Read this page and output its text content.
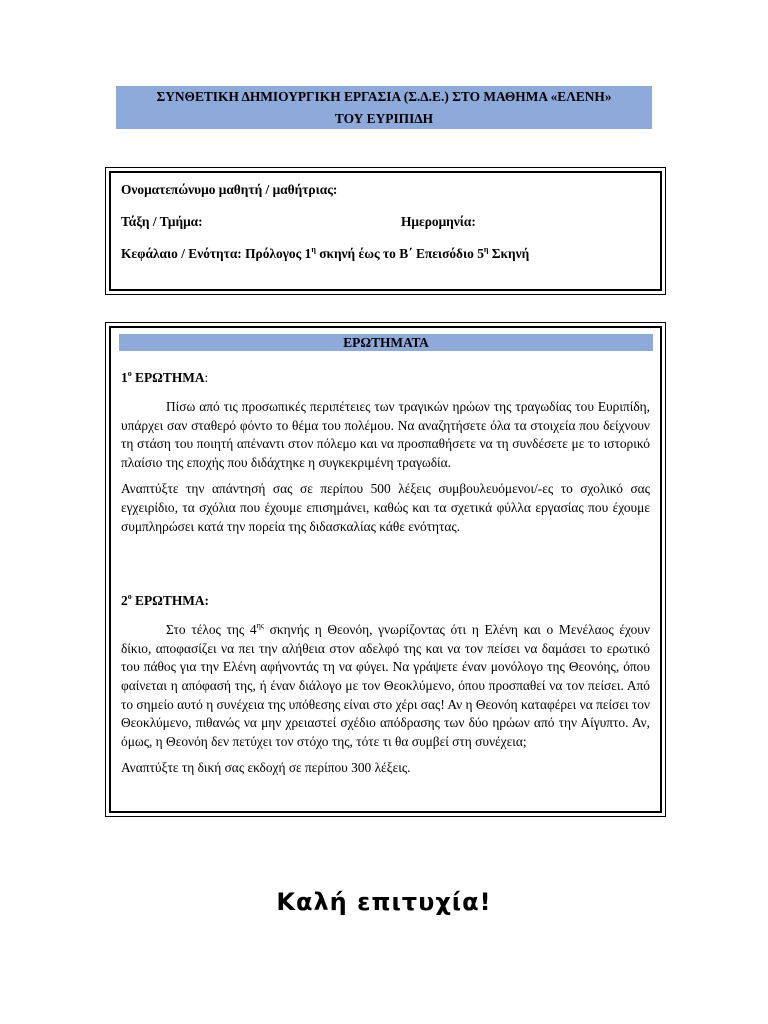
ΣΥΝΘΕΤΙΚΗ ΔΗΜΙΟΥΡΓΙΚΗ ΕΡΓΑΣΙΑ (Σ.Δ.Ε.) ΣΤΟ ΜΑΘΗΜΑ «ΕΛΕΝΗ»
ΤΟΥ ΕΥΡΙΠΙΔΗ
Ονοματεπώνυμο μαθητή / μαθήτριας:
Τάξη / Τμήμα:	Ημερομηνία:
Κεφάλαιο / Ενότητα: Πρόλογος $1^\eta$ σκηνή έως το Β΄ Επεισόδιο $5^\eta$ Σκηνή
ΕΡΩΤΗΜΑΤΑ
$1^o$ ΕΡΩΤΗΜΑ:

Πίσω από τις προσωπικές περιπέτειες των τραγικών ηρώων της τραγωδίας του Ευριπίδη, υπάρχει σαν σταθερό φόντο το θέμα του πολέμου. Να αναζητήσετε όλα τα στοιχεία που δείχνουν τη στάση του ποιητή απέναντι στον πόλεμο και να προσπαθήσετε να τη συνδέσετε με το ιστορικό πλαίσιο της εποχής που διδάχτηκε η συγκεκριμένη τραγωδία.

Αναπτύξτε την απάντησή σας σε περίπου 500 λέξεις συμβουλευόμενοι/-ες το σχολικό σας εγχειρίδιο, τα σχόλια που έχουμε επισημάνει, καθώς και τα σχετικά φύλλα εργασίας που έχουμε συμπληρώσει κατά την πορεία της διδασκαλίας κάθε ενότητας.

$2^o$ ΕΡΩΤΗΜΑ:

Στο τέλος της $4^{\eta\varsigma}$ σκηνής η Θεονόη, γνωρίζοντας ότι η Ελένη και ο Μενέλαος έχουν δίκιο, αποφασίζει να πει την αλήθεια στον αδελφό της και να τον πείσει να δαμάσει το ερωτικό του πάθος για την Ελένη αφήνοντάς τη να φύγει. Να γράψετε έναν μονόλογο της Θεονόης, όπου φαίνεται η απόφασή της, ή έναν διάλογο με τον Θεοκλύμενο, όπου προσπαθεί να τον πείσει. Από το σημείο αυτό η συνέχεια της υπόθεσης είναι στο χέρι σας! Αν η Θεονόη καταφέρει να πείσει τον Θεοκλύμενο, πιθανώς να μην χρειαστεί σχέδιο απόδρασης των δύο ηρώων από την Αίγυπτο. Αν, όμως, η Θεονόη δεν πετύχει τον στόχο της, τότε τι θα συμβεί στη συνέχεια;

Αναπτύξτε τη δική σας εκδοχή σε περίπου 300 λέξεις.

Καλή επιτυχία!
